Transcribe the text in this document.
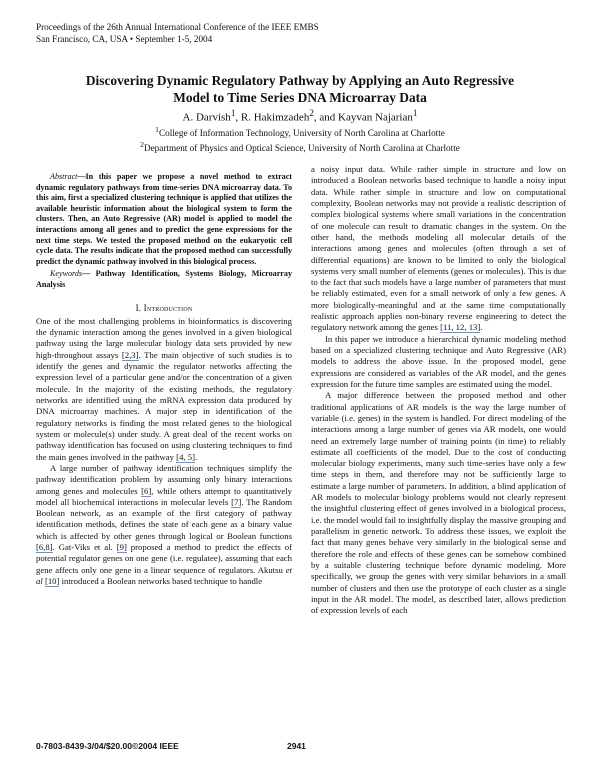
Proceedings of the 26th Annual International Conference of the IEEE EMBS
San Francisco, CA, USA • September 1-5, 2004
Discovering Dynamic Regulatory Pathway by Applying an Auto Regressive
Model to Time Series DNA Microarray Data
A. Darvish$^1$, R. Hakimzadeh$^2$, and Kayvan Najarian$^1$
$^1$College of Information Technology, University of North Carolina at Charlotte
$^2$Department of Physics and Optical Science, University of North Carolina at Charlotte

Abstract—In this paper we propose a novel method to extract dynamic regulatory pathways from time-series DNA microarray data. To this aim, first a specialized clustering technique is applied that utilizes the available heuristic information about the biological system to form the clusters. Then, an Auto Regressive (AR) model is applied to model the interactions among all genes and to predict the gene expressions for the next time steps. We tested the proposed method on the eukaryotic cell cycle data. The results indicate that the proposed method can successfully predict the dynamic pathway involved in this biological process.

Keywords— Pathway Identification, Systems Biology, Microarray Analysis

I. Introduction

One of the most challenging problems in bioinformatics is discovering the dynamic interaction among the genes involved in a given biological pathway using the large molecular biology data sets provided by new high-throughout assays [2,3]. The main objective of such studies is to identify the genes and dynamic the regulator networks affecting the expression level of a particular gene and/or the concentration of a given molecule. In the majority of the existing methods, the regulatory networks are identified using the mRNA expression data produced by DNA microarray machines. A major step in identification of the regulatory networks is finding the most related genes to the biological system or molecule(s) under study. A great deal of the recent works on pathway identification has focused on using clustering techniques to find the main genes involved in the pathway [4, 5].

A large number of pathway identification techniques simplify the pathway identification problem by assuming only binary interactions among genes and molecules [6], while others attempt to quantitatively model all biochemical interactions in molecular levels [7]. The Random Boolean network, as an example of the first category of pathway identification methods, defines the state of each gene as a binary value which is affected by other genes through logical or Boolean functions [6,8]. Gat-Viks et al. [9] proposed a method to predict the effects of potential regulator genes on one gene (i.e. regulatee), assuming that each gene affects only one gene in a linear sequence of regulators. Akutsu et al [10] introduced a Boolean networks based technique to handle

a noisy input data. While rather simple in structure and low on introduced a Boolean networks based technique to handle a noisy input data. While rather simple in structure and low on computational complexity, Boolean networks may not provide a realistic description of complex biological systems where small variations in the concentration of one molecule can result to dramatic changes in the system. On the other hand, the methods modeling all molecular details of the interactions among genes and molecules (often through a set of differential equations) are known to be limited to only the biological systems very small number of elements (genes or molecules). This is due to the fact that such models have a large number of parameters that must be reliably estimated, even for a small network of only a few genes. A more biologically-meaningful and at the same time computationally realistic approach applies non-binary reverse engineering to detect the regulatory network among the genes [11, 12, 13].

In this paper we introduce a hierarchical dynamic modeling method based on a specialized clustering technique and Auto Regressive (AR) models to address the above issue. In the proposed model, gene expressions are considered as variables of the AR model, and the genes expression for the future time samples are estimated using the model.

A major difference between the proposed method and other traditional applications of AR models is the way the large number of variable (i.e. genes) in the system is handled. For direct modeling of the interactions among a large number of genes via AR models, one would need an extremely large number of training points (in time) to reliably estimate all coefficients of the model. Due to the cost of conducting molecular biology experiments, many such time-series have only a few time steps in them, and therefore may not be sufficiently large to estimate a large number of parameters. In addition, a blind application of AR models to molecular biology problems would not clearly represent the insightful clustering effect of genes involved in a biological process, i.e. the model would fail to insightfully display the massive grouping and parallelism in genetic network. To address these issues, we exploit the fact that many genes behave very similarly in the biological sense and therefore the role and effects of these genes can be somehow combined by a suitable clustering technique before dynamic modeling. More specifically, we group the genes with very similar behaviors in a small number of clusters and then use the prototype of each cluster as a single input in the AR model. The model, as described later, allows prediction of expression levels of each

0-7803-8439-3/04/$20.00©2004 IEEE	2941
